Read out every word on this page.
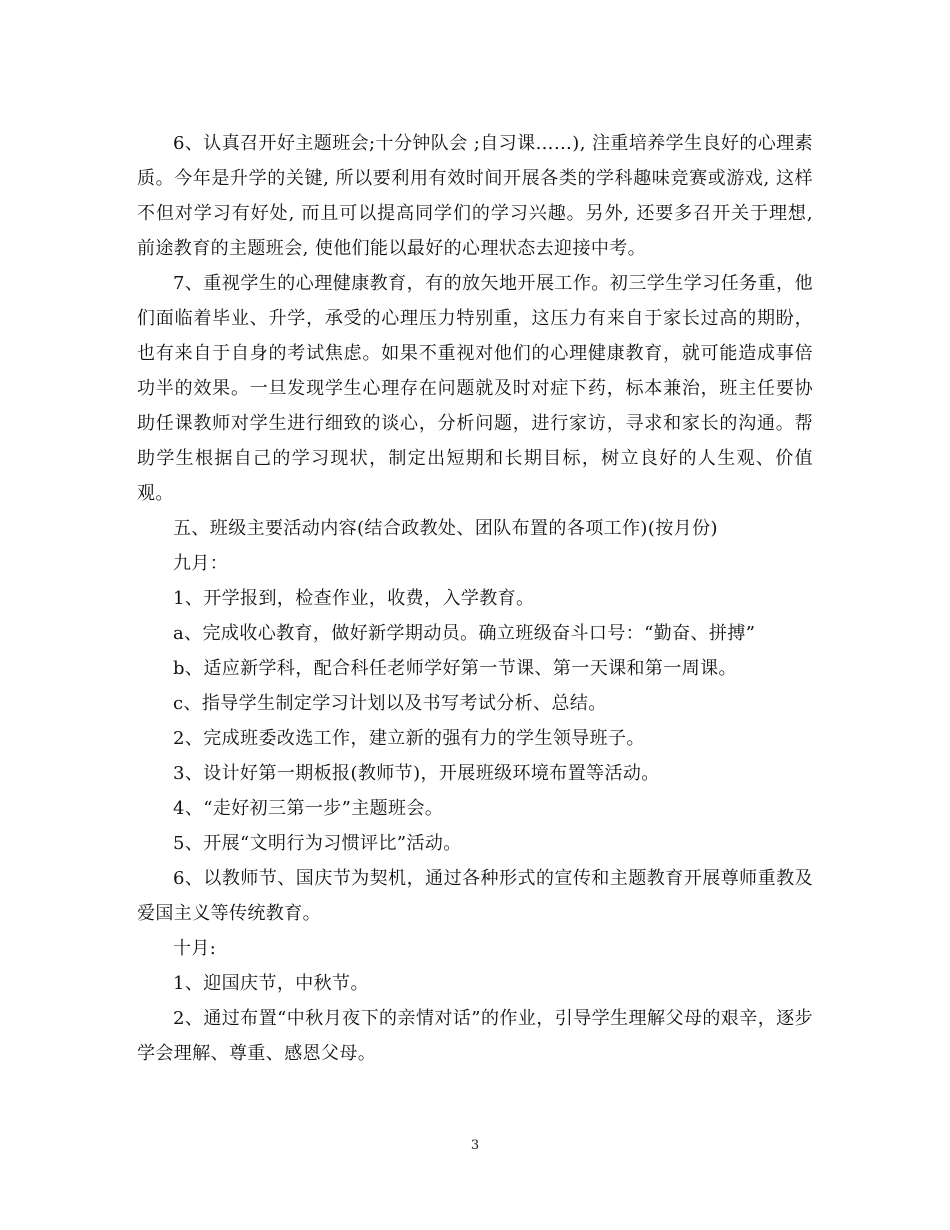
6、认真召开好主题班会;十分钟队会 ;自习课……), 注重培养学生良好的心理素质。今年是升学的关键, 所以要利用有效时间开展各类的学科趣味竞赛或游戏, 这样不但对学习有好处, 而且可以提高同学们的学习兴趣。另外, 还要多召开关于理想, 前途教育的主题班会, 使他们能以最好的心理状态去迎接中考。

7、重视学生的心理健康教育，有的放矢地开展工作。初三学生学习任务重，他们面临着毕业、升学，承受的心理压力特别重，这压力有来自于家长过高的期盼，也有来自于自身的考试焦虑。如果不重视对他们的心理健康教育，就可能造成事倍功半的效果。一旦发现学生心理存在问题就及时对症下药，标本兼治，班主任要协助任课教师对学生进行细致的谈心，分析问题，进行家访，寻求和家长的沟通。帮助学生根据自己的学习现状，制定出短期和长期目标，树立良好的人生观、价值观。

五、班级主要活动内容(结合政教处、团队布置的各项工作)(按月份)

九月：

1、开学报到，检查作业，收费，入学教育。

a、完成收心教育，做好新学期动员。确立班级奋斗口号：“勤奋、拼搏”

b、适应新学科，配合科任老师学好第一节课、第一天课和第一周课。

c、指导学生制定学习计划以及书写考试分析、总结。

2、完成班委改选工作，建立新的强有力的学生领导班子。

3、设计好第一期板报(教师节)，开展班级环境布置等活动。

4、“走好初三第一步”主题班会。

5、开展“文明行为习惯评比”活动。

6、以教师节、国庆节为契机，通过各种形式的宣传和主题教育开展尊师重教及爱国主义等传统教育。

十月:

1、迎国庆节，中秋节。

2、通过布置“中秋月夜下的亲情对话”的作业，引导学生理解父母的艰辛，逐步学会理解、尊重、感恩父母。

3
